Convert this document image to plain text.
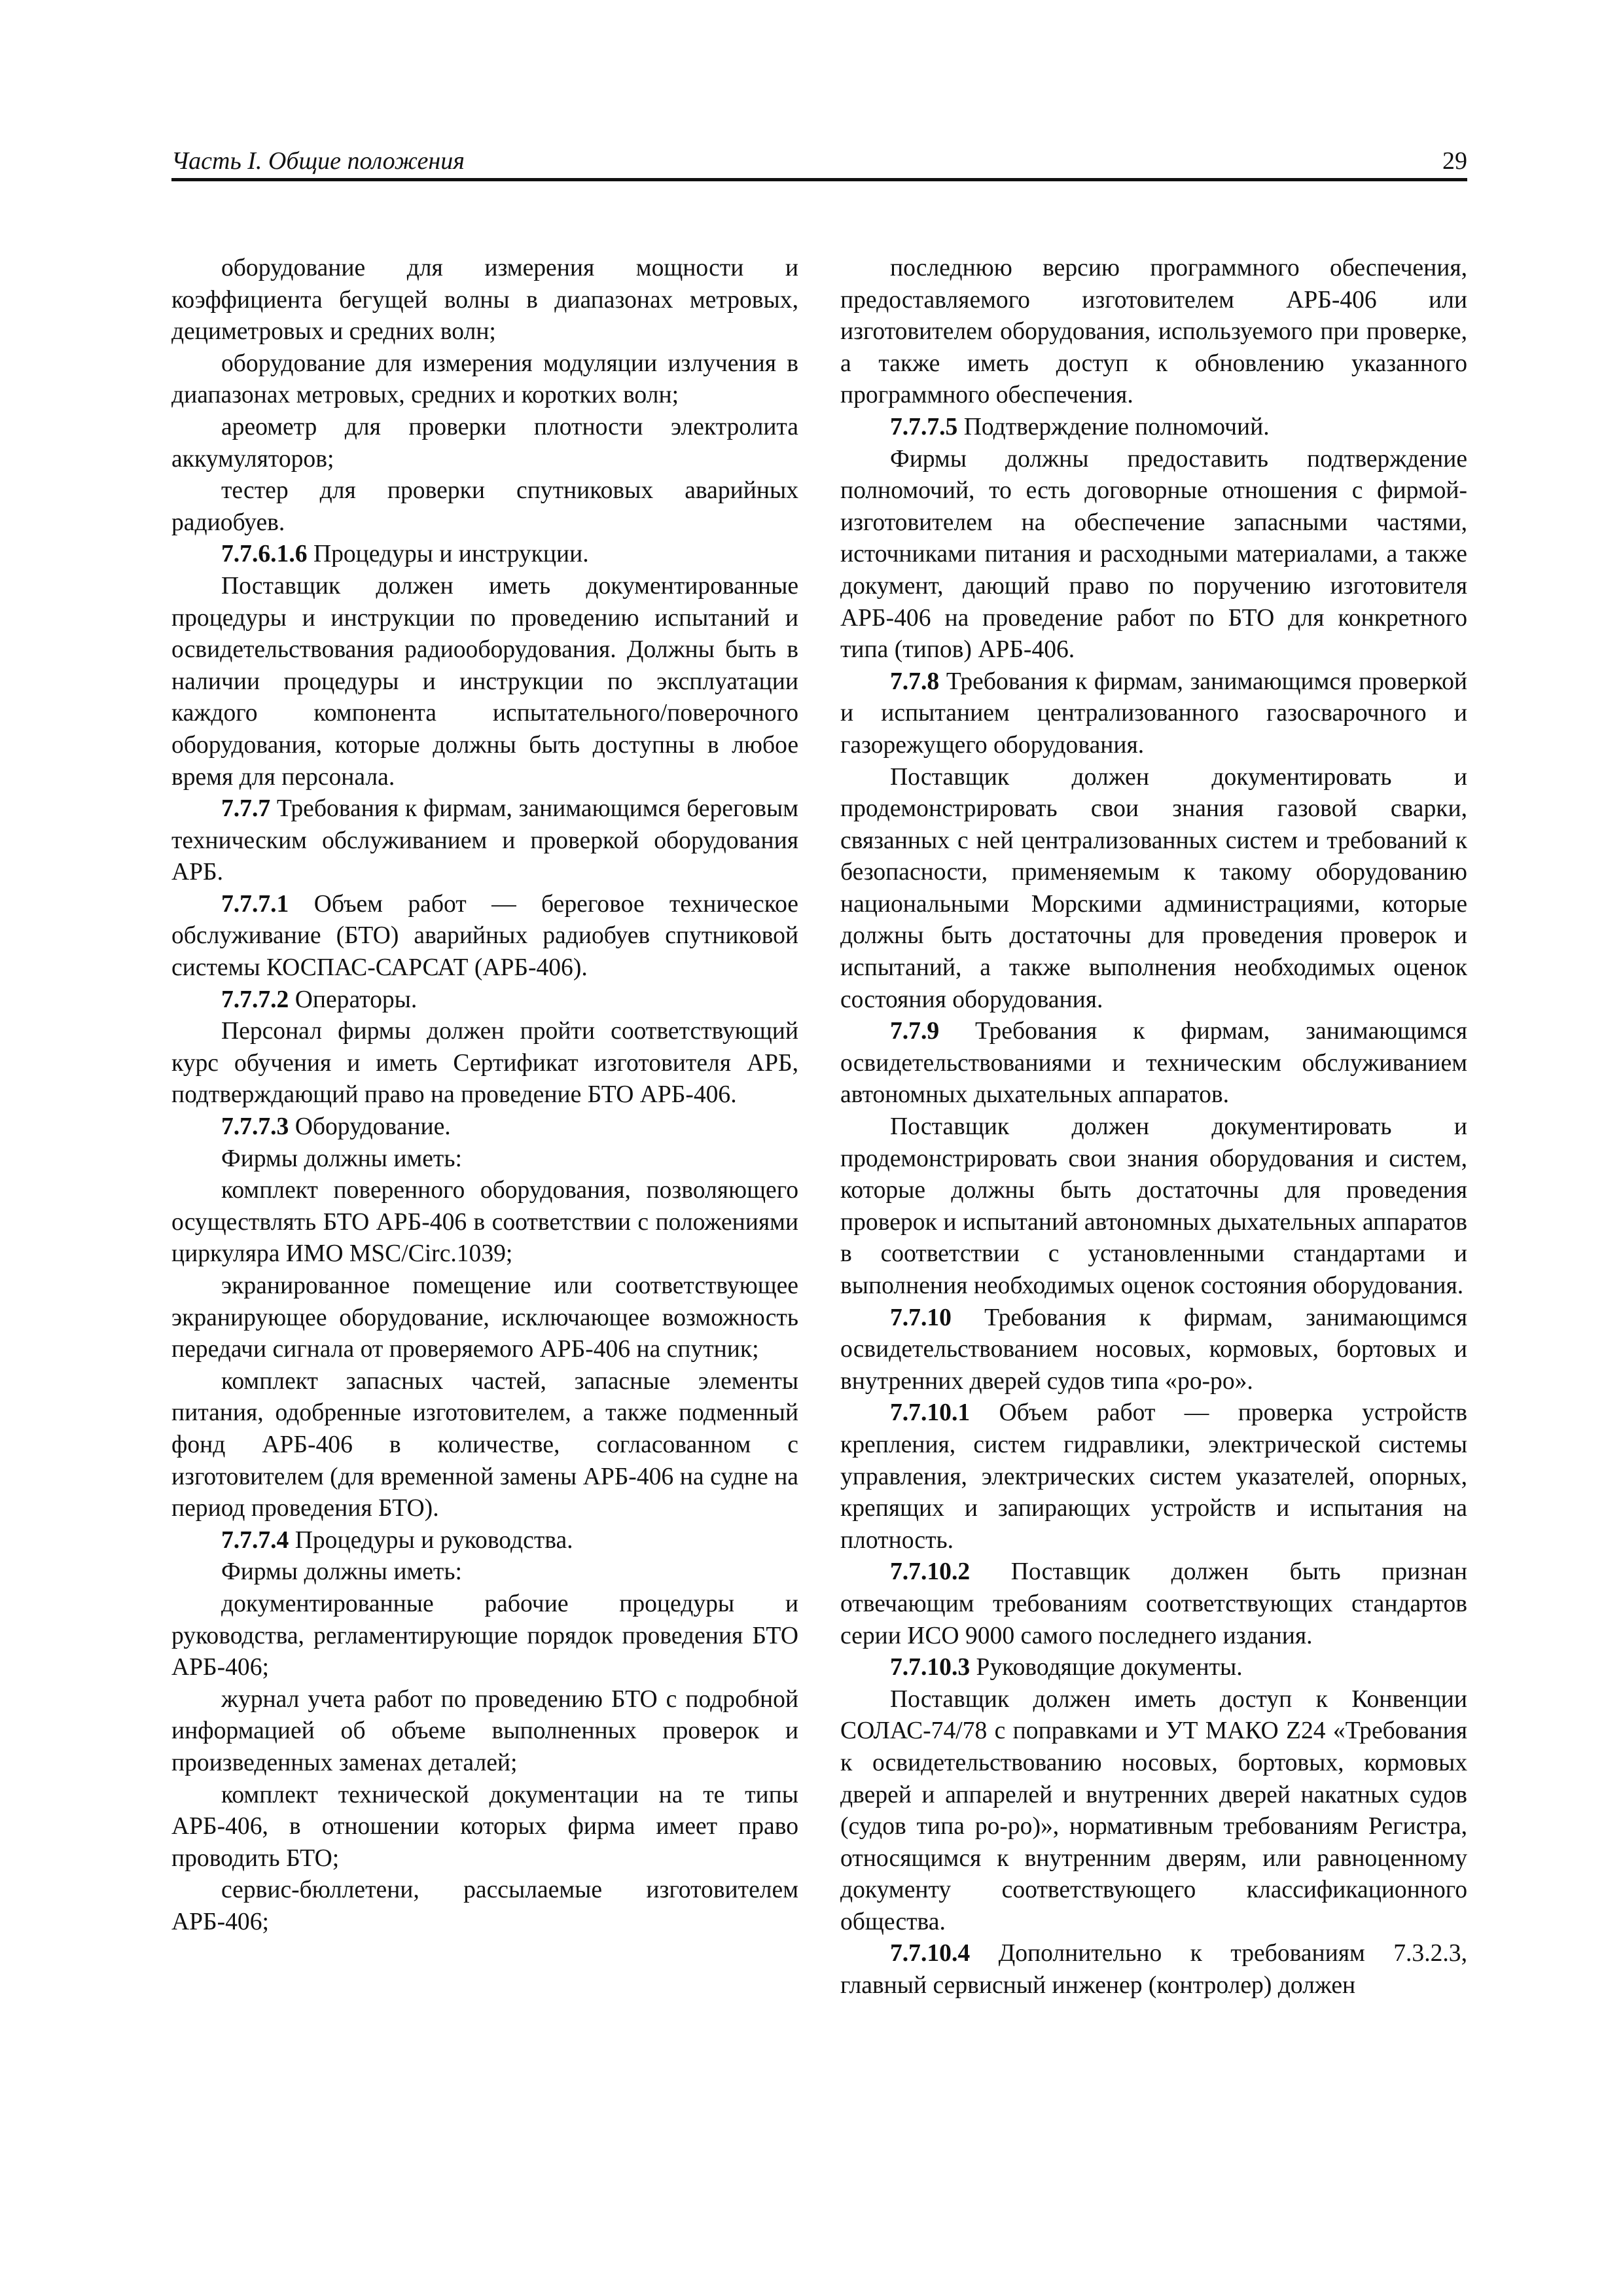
Часть I. Общие положения	29

оборудование для измерения мощности и коэффициента бегущей волны в диапазонах метровых, дециметровых и средних волн;

оборудование для измерения модуляции излучения в диапазонах метровых, средних и коротких волн;

ареометр для проверки плотности электролита аккумуляторов;

тестер для проверки спутниковых аварийных радиобуев.

7.7.6.1.6 Процедуры и инструкции.

Поставщик должен иметь документированные процедуры и инструкции по проведению испытаний и освидетельствования радиооборудования. Должны быть в наличии процедуры и инструкции по эксплуатации каждого компонента испытательного/поверочного оборудования, которые должны быть доступны в любое время для персонала.

7.7.7 Требования к фирмам, занимающимся береговым техническим обслуживанием и проверкой оборудования АРБ.

7.7.7.1 Объем работ — береговое техническое обслуживание (БТО) аварийных радиобуев спутниковой системы КОСПАС-САРСАТ (АРБ-406).

7.7.7.2 Операторы.

Персонал фирмы должен пройти соответствующий курс обучения и иметь Сертификат изготовителя АРБ, подтверждающий право на проведение БТО АРБ-406.

7.7.7.3 Оборудование.

Фирмы должны иметь:

комплект поверенного оборудования, позволяющего осуществлять БТО АРБ-406 в соответствии с положениями циркуляра ИМО MSC/Circ.1039;

экранированное помещение или соответствующее экранирующее оборудование, исключающее возможность передачи сигнала от проверяемого АРБ-406 на спутник;

комплект запасных частей, запасные элементы питания, одобренные изготовителем, а также подменный фонд АРБ-406 в количестве, согласованном с изготовителем (для временной замены АРБ-406 на судне на период проведения БТО).

7.7.7.4 Процедуры и руководства.

Фирмы должны иметь:

документированные рабочие процедуры и руководства, регламентирующие порядок проведения БТО АРБ-406;

журнал учета работ по проведению БТО с подробной информацией об объеме выполненных проверок и произведенных заменах деталей;

комплект технической документации на те типы АРБ-406, в отношении которых фирма имеет право проводить БТО;

сервис-бюллетени, рассылаемые изготовителем АРБ-406;

последнюю версию программного обеспечения, предоставляемого изготовителем АРБ-406 или изготовителем оборудования, используемого при проверке, а также иметь доступ к обновлению указанного программного обеспечения.

7.7.7.5 Подтверждение полномочий.

Фирмы должны предоставить подтверждение полномочий, то есть договорные отношения с фирмой-изготовителем на обеспечение запасными частями, источниками питания и расходными материалами, а также документ, дающий право по поручению изготовителя АРБ-406 на проведение работ по БТО для конкретного типа (типов) АРБ-406.

7.7.8 Требования к фирмам, занимающимся проверкой и испытанием централизованного газосварочного и газорежущего оборудования.

Поставщик должен документировать и продемонстрировать свои знания газовой сварки, связанных с ней централизованных систем и требований к безопасности, применяемым к такому оборудованию национальными Морскими администрациями, которые должны быть достаточны для проведения проверок и испытаний, а также выполнения необходимых оценок состояния оборудования.

7.7.9 Требования к фирмам, занимающимся освидетельствованиями и техническим обслуживанием автономных дыхательных аппаратов.

Поставщик должен документировать и продемонстрировать свои знания оборудования и систем, которые должны быть достаточны для проведения проверок и испытаний автономных дыхательных аппаратов в соответствии с установленными стандартами и выполнения необходимых оценок состояния оборудования.

7.7.10 Требования к фирмам, занимающимся освидетельствованием носовых, кормовых, бортовых и внутренних дверей судов типа «ро-ро».

7.7.10.1 Объем работ — проверка устройств крепления, систем гидравлики, электрической системы управления, электрических систем указателей, опорных, крепящих и запирающих устройств и испытания на плотность.

7.7.10.2 Поставщик должен быть признан отвечающим требованиям соответствующих стандартов серии ИСО 9000 самого последнего издания.

7.7.10.3 Руководящие документы.

Поставщик должен иметь доступ к Конвенции СОЛАС-74/78 с поправками и УТ МАКО Z24 «Требования к освидетельствованию носовых, бортовых, кормовых дверей и аппарелей и внутренних дверей накатных судов (судов типа ро-ро)», нормативным требованиям Регистра, относящимся к внутренним дверям, или равноценному документу соответствующего классификационного общества.

7.7.10.4 Дополнительно к требованиям 7.3.2.3, главный сервисный инженер (контролер) должен
